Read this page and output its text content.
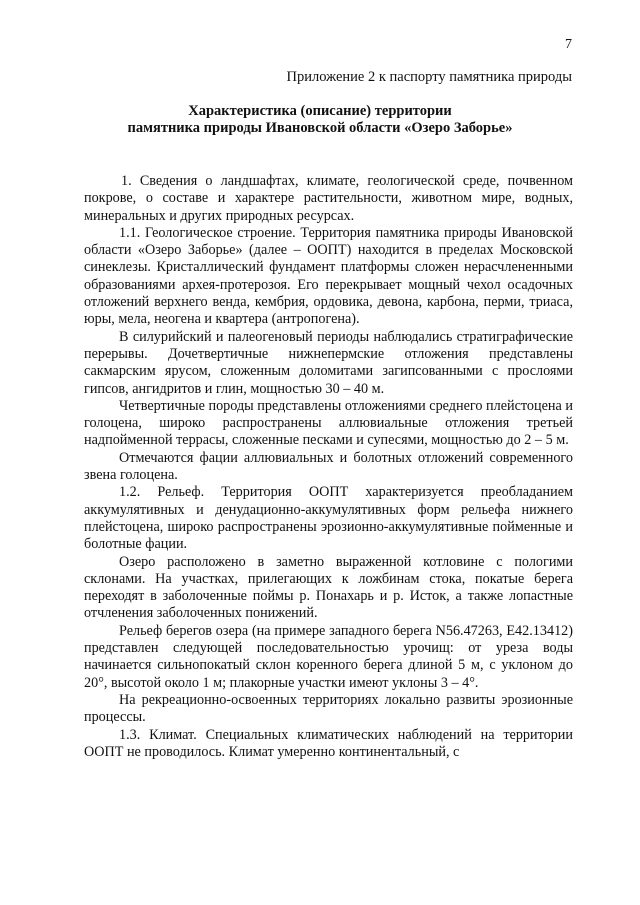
7
Приложение 2 к паспорту памятника природы
Характеристика (описание) территории
памятника природы Ивановской области «Озеро Заборье»

1. Сведения о ландшафтах, климате, геологической среде, почвенном покрове, о составе и характере растительности, животном мире, водных, минеральных и других природных ресурсах.

1.1. Геологическое строение. Территория памятника природы Ивановской области «Озеро Заборье» (далее – ООПТ) находится в пределах Московской синеклезы. Кристаллический фундамент платформы сложен нерасчлененными образованиями архея-протерозоя. Его перекрывает мощный чехол осадочных отложений верхнего венда, кембрия, ордовика, девона, карбона, перми, триаса, юры, мела, неогена и квартера (антропогена).

В силурийский и палеогеновый периоды наблюдались стратиграфические перерывы. Дочетвертичные нижнепермские отложения представлены сакмарским ярусом, сложенным доломитами загипсованными с прослоями гипсов, ангидритов и глин, мощностью 30 – 40 м.

Четвертичные породы представлены отложениями среднего плейстоцена и голоцена, широко распространены аллювиальные отложения третьей надпойменной террасы, сложенные песками и супесями, мощностью до 2 – 5 м.

Отмечаются фации аллювиальных и болотных отложений современного звена голоцена.

1.2. Рельеф. Территория ООПТ характеризуется преобладанием аккумулятивных и денудационно-аккумулятивных форм рельефа нижнего плейстоцена, широко распространены эрозионно-аккумулятивные пойменные и болотные фации.

Озеро расположено в заметно выраженной котловине с пологими склонами. На участках, прилегающих к ложбинам стока, покатые берега переходят в заболоченные поймы р. Понахарь и р. Исток, а также лопастные отчленения заболоченных понижений.

Рельеф берегов озера (на примере западного берега N56.47263, E42.13412) представлен следующей последовательностью урочищ: от уреза воды начинается сильнопокатый склон коренного берега длиной 5 м, с уклоном до 20°, высотой около 1 м; плакорные участки имеют уклоны 3 – 4°.

На рекреационно-освоенных территориях локально развиты эрозионные процессы.

1.3. Климат. Специальных климатических наблюдений на территории ООПТ не проводилось. Климат умеренно континентальный, с
